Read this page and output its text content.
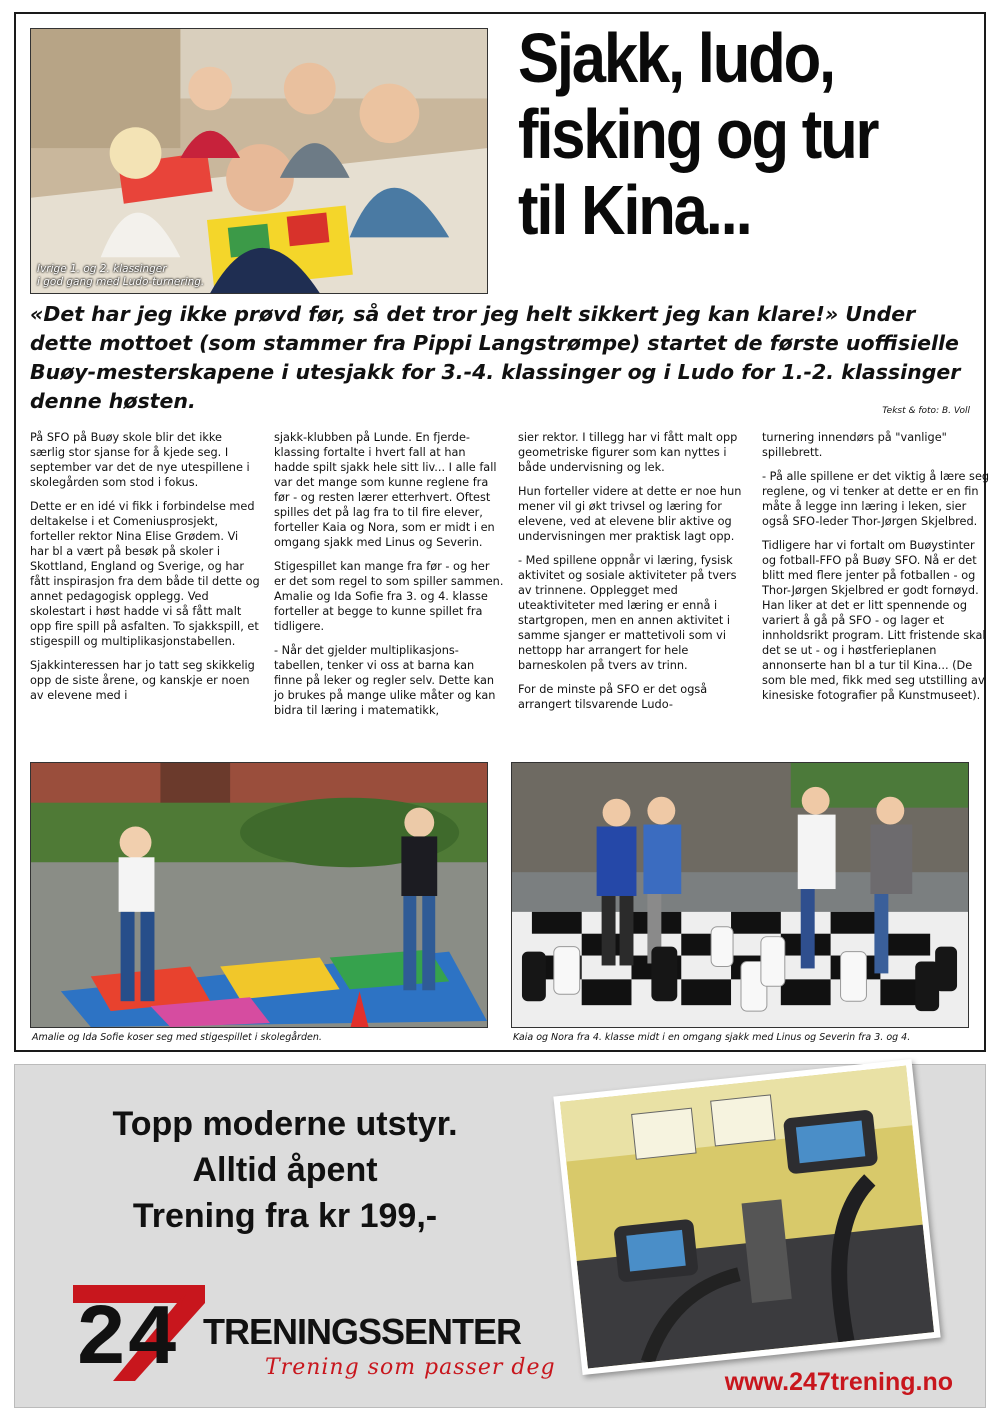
Ivrige 1. og 2. klassinger
i god gang med Ludo-turnering.
Sjakk, ludo,
fisking og tur
til Kina...
«Det har jeg ikke prøvd før, så det tror jeg helt sikkert jeg kan klare!» Under dette mottoet (som stammer fra Pippi Langstrømpe) startet de første uoffisielle Buøy-mesterskapene i utesjakk for 3.-4. klassinger og i Ludo for 1.-2. klassinger denne høsten.	Tekst & foto: B. Voll

På SFO på Buøy skole blir det ikke særlig stor sjanse for å kjede seg. I september var det de nye utespillene i skolegården som stod i fokus.

Dette er en idé vi fikk i forbindelse med deltakelse i et Comeniusprosjekt, forteller rektor Nina Elise Grødem. Vi har bl a vært på besøk på skoler i Skottland, England og Sverige, og har fått inspirasjon fra dem både til dette og annet pedagogisk opplegg. Ved skolestart i høst hadde vi så fått malt opp fire spill på asfalten. To sjakkspill, et stigespill og multiplikasjonstabellen.

Sjakkinteressen har jo tatt seg skikkelig opp de siste årene, og kanskje er noen av elevene med i

sjakk-klubben på Lunde. En fjerdeklassing fortalte i hvert fall at han hadde spilt sjakk hele sitt liv... I alle fall var det mange som kunne reglene fra før - og resten lærer etterhvert. Oftest spilles det på lag fra to til fire elever, forteller Kaia og Nora, som er midt i en omgang sjakk med Linus og Severin.

Stigespillet kan mange fra før - og her er det som regel to som spiller sammen. Amalie og Ida Sofie fra 3. og 4. klasse forteller at begge to kunne spillet fra tidligere.

- Når det gjelder multiplikasjonstabellen, tenker vi oss at barna kan finne på leker og regler selv. Dette kan jo brukes på mange ulike måter og kan bidra til læring i matematikk,

sier rektor. I tillegg har vi fått malt opp geometriske figurer som kan nyttes i både undervisning og lek.

Hun forteller videre at dette er noe hun mener vil gi økt trivsel og læring for elevene, ved at elevene blir aktive og undervisningen mer praktisk lagt opp.

- Med spillene oppnår vi læring, fysisk aktivitet og sosiale aktiviteter på tvers av trinnene. Opplegget med uteaktiviteter med læring er ennå i startgropen, men en annen aktivitet i samme sjanger er mattetivoli som vi nettopp har arrangert for hele barneskolen på tvers av trinn.

For de minste på SFO er det også arrangert tilsvarende Ludo-

turnering innendørs på "vanlige" spillebrett.

- På alle spillene er det viktig å lære seg reglene, og vi tenker at dette er en fin måte å legge inn læring i leken, sier også SFO-leder Thor-Jørgen Skjelbred.

Tidligere har vi fortalt om Buøystinter og fotball-FFO på Buøy SFO. Nå er det blitt med flere jenter på fotballen - og Thor-Jørgen Skjelbred er godt fornøyd. Han liker at det er litt spennende og variert å gå på SFO - og lager et innholdsrikt program. Litt fristende skal det se ut - og i høstferieplanen annonserte han bl a tur til Kina... (De som ble med, fikk med seg utstilling av kinesiske fotografier på Kunstmuseet).

Amalie og Ida Sofie koser seg med stigespillet i skolegården.	Kaia og Nora fra 4. klasse midt i en omgang sjakk med Linus og Severin fra 3. og 4.
Topp moderne utstyr.
Alltid åpent
Trening fra kr 199,-
24
7
TRENINGSSENTER
Trening som passer deg
www.247trening.no
